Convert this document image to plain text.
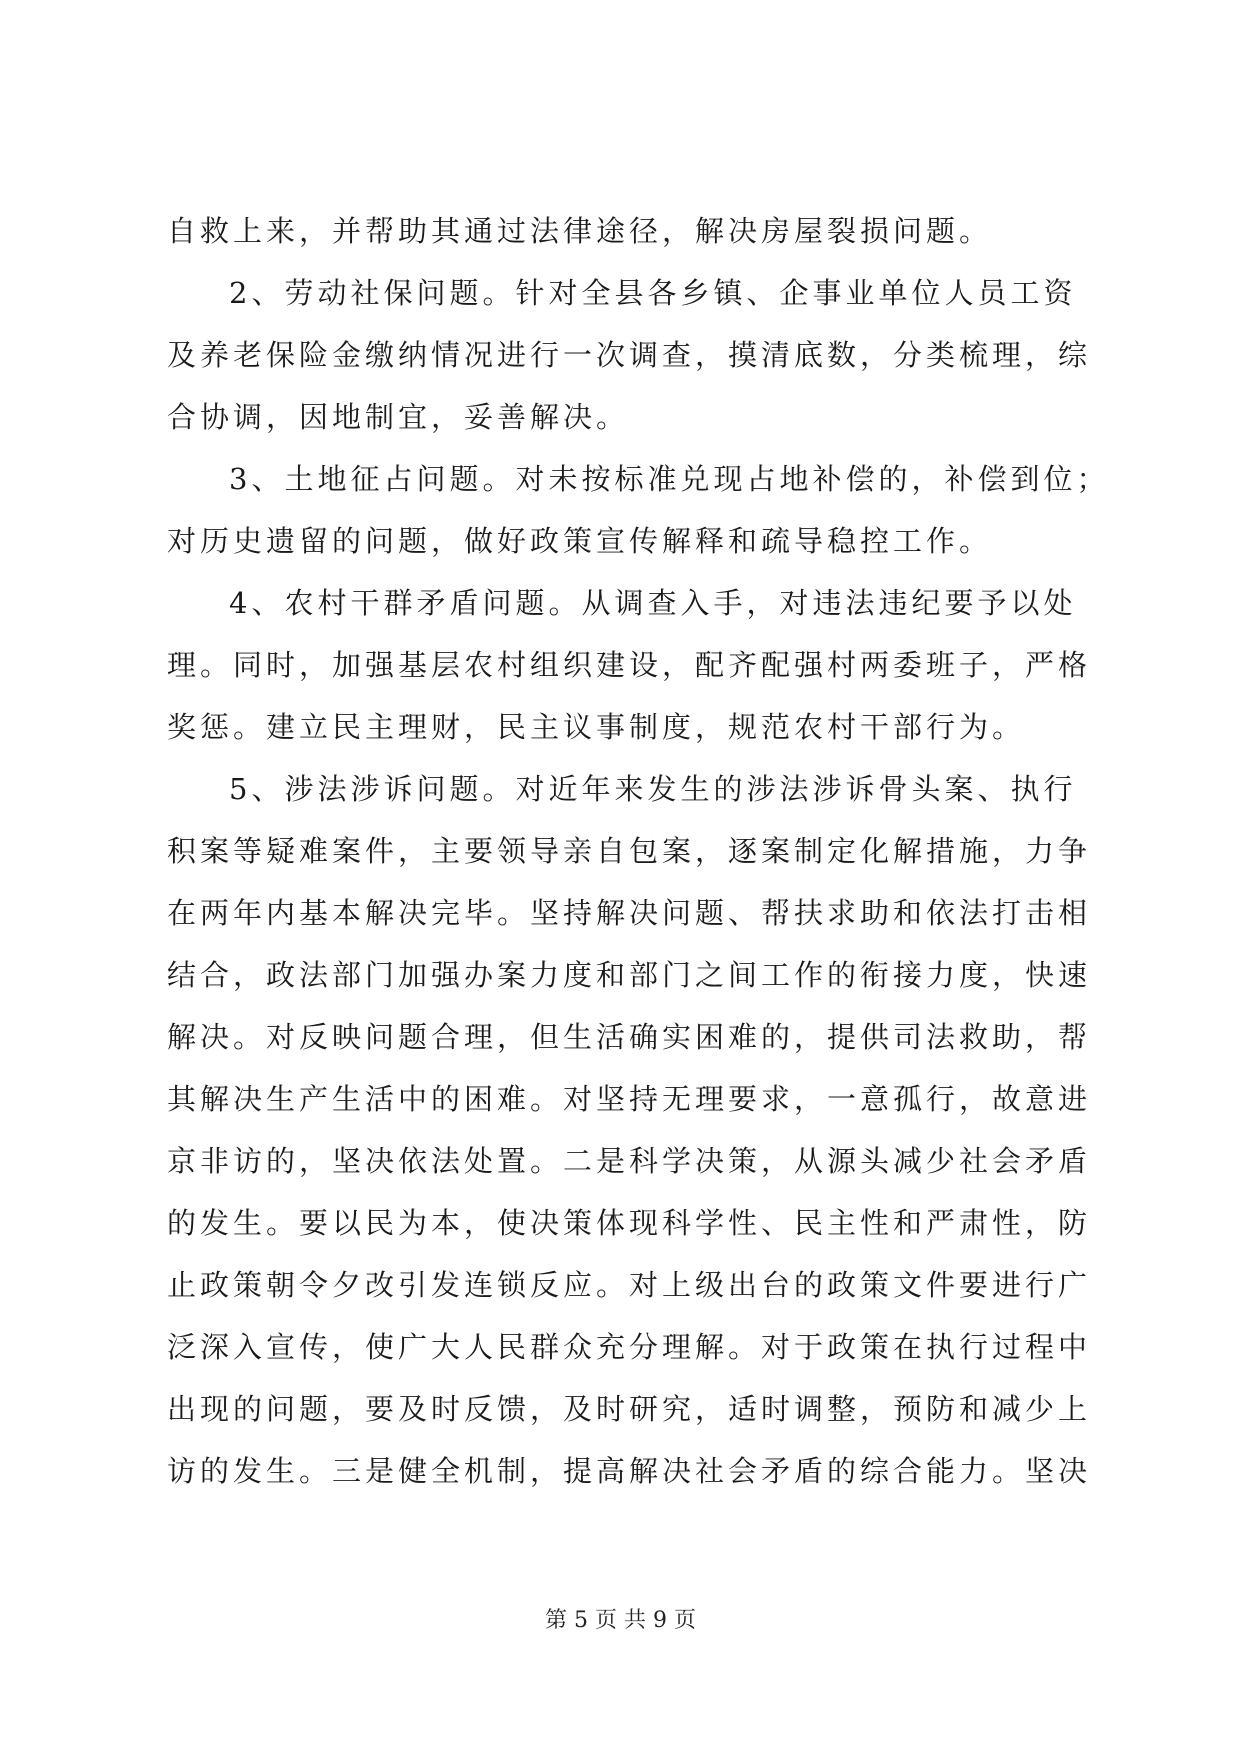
自救上来，并帮助其通过法律途径，解决房屋裂损问题。
2、劳动社保问题。针对全县各乡镇、企事业单位人员工资
及养老保险金缴纳情况进行一次调查，摸清底数，分类梳理，综
合协调，因地制宜，妥善解决。
3、土地征占问题。对未按标准兑现占地补偿的，补偿到位；
对历史遗留的问题，做好政策宣传解释和疏导稳控工作。
4、农村干群矛盾问题。从调查入手，对违法违纪要予以处
理。同时，加强基层农村组织建设，配齐配强村两委班子，严格
奖惩。建立民主理财，民主议事制度，规范农村干部行为。
5、涉法涉诉问题。对近年来发生的涉法涉诉骨头案、执行
积案等疑难案件，主要领导亲自包案，逐案制定化解措施，力争
在两年内基本解决完毕。坚持解决问题、帮扶求助和依法打击相
结合，政法部门加强办案力度和部门之间工作的衔接力度，快速
解决。对反映问题合理，但生活确实困难的，提供司法救助，帮
其解决生产生活中的困难。对坚持无理要求，一意孤行，故意进
京非访的，坚决依法处置。二是科学决策，从源头减少社会矛盾
的发生。要以民为本，使决策体现科学性、民主性和严肃性，防
止政策朝令夕改引发连锁反应。对上级出台的政策文件要进行广
泛深入宣传，使广大人民群众充分理解。对于政策在执行过程中
出现的问题，要及时反馈，及时研究，适时调整，预防和减少上
访的发生。三是健全机制，提高解决社会矛盾的综合能力。坚决
第 5 页 共 9 页
